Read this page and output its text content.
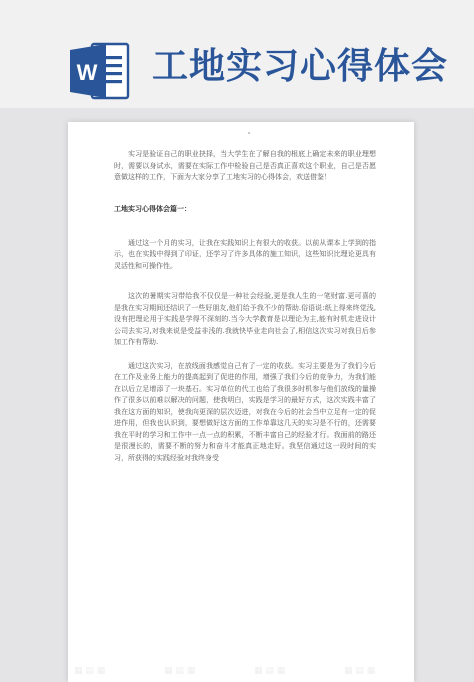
W 工地实习心得体会

实习是验证自己的职业抉择，当大学生在了解自我的根底上确定未来的职业理想时，需要以身试水，需要在实际工作中检验自己是否真正喜欢这个职业，自己是否愿意做这样的工作，下面为大家分享了工地实习的心得体会，欢送借鉴！

工地实习心得体会篇一：

通过这一个月的实习，让我在实践知识上有很大的收获。以前从课本上学到的指示，也在实践中得到了印证，还学习了许多具体的施工知识，这些知识比理论更具有灵活性和可操作性。

这次的暑期实习带给我不仅仅是一种社会经验,更是我人生的一笔财富.更可喜的是我在实习期间还结识了一些好朋友,他们给予我不少的帮助.俗语说:纸上得来终觉浅,没有把理论用于实践是学得不深刻的.当今大学教育是以理论为主,能有时机走进设计公司去实习,对我来说是受益非浅的.我就快毕业走向社会了,相信这次实习对我日后参加工作有帮助.

通过这次实习，在放线面我感觉自己有了一定的收获。实习主要是为了我们今后在工作及业务上能力的提高起到了促进的作用，增强了我们今后的竞争力，为我们能在以后立足增添了一块基石。实习单位的代工也给了我很多时机参与他们放线的量操作了很多以前难以解决的问题，使我明白，实践是学习的最好方式，这次实践丰富了我在这方面的知识，使我向更深的层次迈进，对我在今后的社会当中立足有一定的促进作用，但我也认识到，要想做好这方面的工作单靠这几天的实习是不行的，还需要我在平时的学习和工作中一点一点的积累，不断丰富自己的经验才行。我面前的路还是很漫长的，需要不断的努力和奋斗才能真正地走好。我坚信通过这一段时间的实习，所获得的实践经验对我终身受

▦ ▤ ▦	▦ ▤ ▦	▦ ▤ ▦	▦ ▤ ▦
